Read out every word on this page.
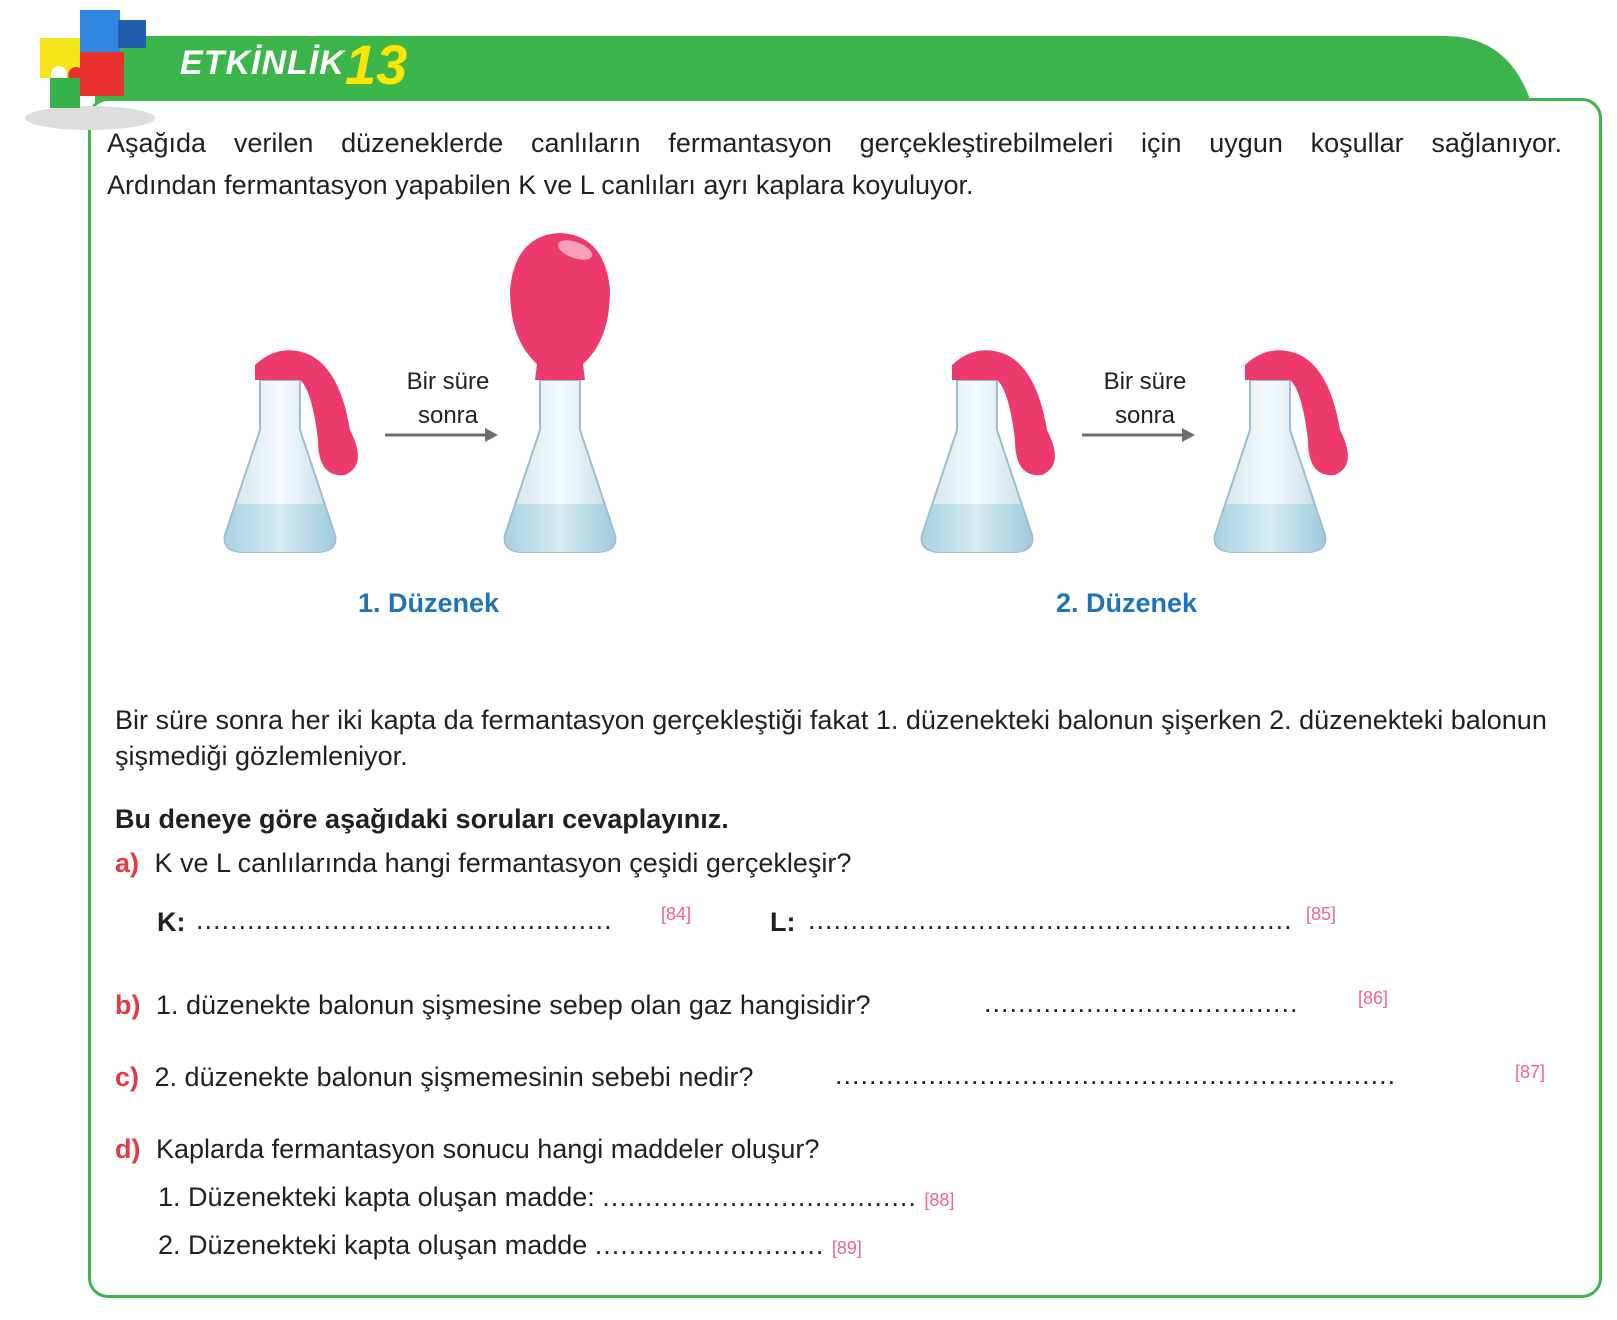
ETKİNLİK 13
Aşağıda verilen düzeneklerde canlıların fermantasyon gerçekleştirebilmeleri için uygun koşullar sağlanıyor.
Ardından fermantasyon yapabilen K ve L canlıları ayrı kaplara koyuluyor.
Bir süre
sonra
Bir süre
sonra
1. Düzenek	2. Düzenek
Bir süre sonra her iki kapta da fermantasyon gerçekleştiği fakat 1. düzenekteki balonun şişerken 2. düzenekteki balonun şişmediği gözlemleniyor.
Bu deneye göre aşağıdaki soruları cevaplayınız.
a) K ve L canlılarında hangi fermantasyon çeşidi gerçekleşir?
K: .................................................	[84]	L: ......................................................... [85]
b) 1. düzenekte balonun şişmesine sebep olan gaz hangisidir?	.....................................	[86]
c) 2. düzenekte balonun şişmemesinin sebebi nedir?	..................................................................	[87]
d) Kaplarda fermantasyon sonucu hangi maddeler oluşur?
1. Düzenekteki kapta oluşan madde: ..................................... [88]
2. Düzenekteki kapta oluşan madde ........................... [89]
